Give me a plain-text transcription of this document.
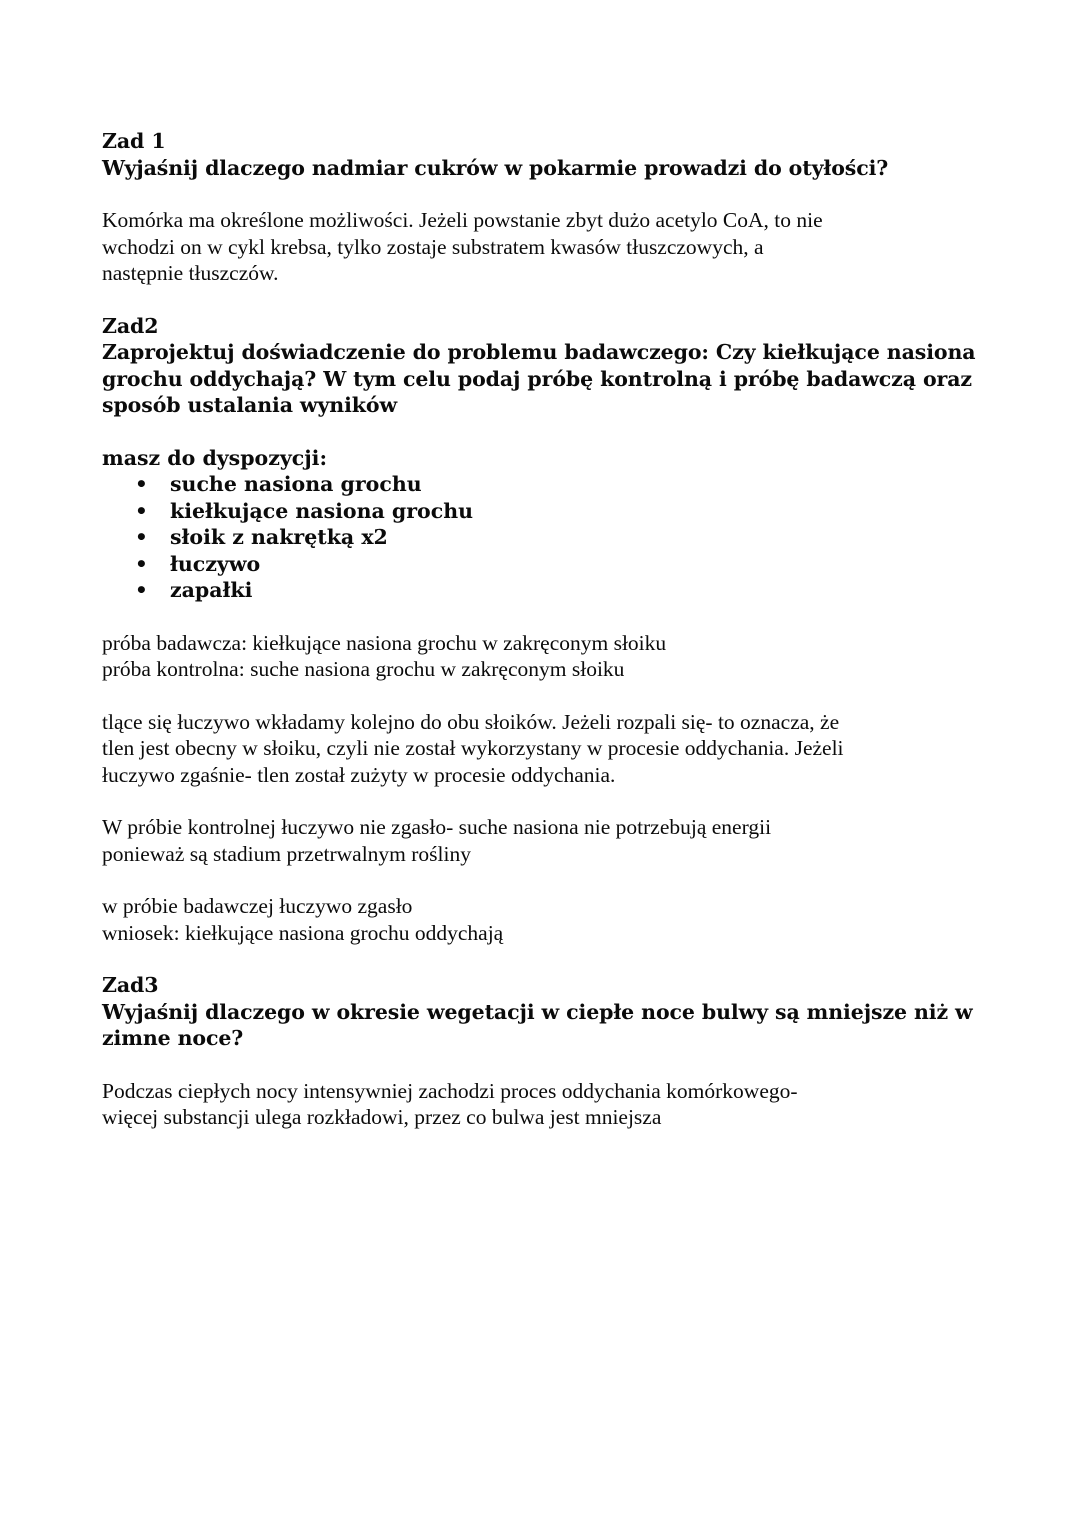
Zad 1
Wyjaśnij dlaczego nadmiar cukrów w pokarmie prowadzi do otyłości?

Komórka ma określone możliwości. Jeżeli powstanie zbyt dużo acetylo CoA, to nie
wchodzi on w cykl krebsa, tylko zostaje substratem kwasów tłuszczowych, a
następnie tłuszczów.

Zad2
Zaprojektuj doświadczenie do problemu badawczego: Czy kiełkujące nasiona grochu oddychają? W tym celu podaj próbę kontrolną i próbę badawczą oraz sposób ustalania wyników

masz do dyspozycji:

• suche nasiona grochu
• kiełkujące nasiona grochu
• słoik z nakrętką x2
• łuczywo
• zapałki

próba badawcza: kiełkujące nasiona grochu w zakręconym słoiku
próba kontrolna: suche nasiona grochu w zakręconym słoiku

tlące się łuczywo wkładamy kolejno do obu słoików. Jeżeli rozpali się- to oznacza, że
tlen jest obecny w słoiku, czyli nie został wykorzystany w procesie oddychania. Jeżeli
łuczywo zgaśnie- tlen został zużyty w procesie oddychania.

W próbie kontrolnej łuczywo nie zgasło- suche nasiona nie potrzebują energii
ponieważ są stadium przetrwalnym rośliny

w próbie badawczej łuczywo zgasło
wniosek: kiełkujące nasiona grochu oddychają

Zad3
Wyjaśnij dlaczego w okresie wegetacji w ciepłe noce bulwy są mniejsze niż w zimne noce?

Podczas ciepłych nocy intensywniej zachodzi proces oddychania komórkowego-
więcej substancji ulega rozkładowi, przez co bulwa jest mniejsza
